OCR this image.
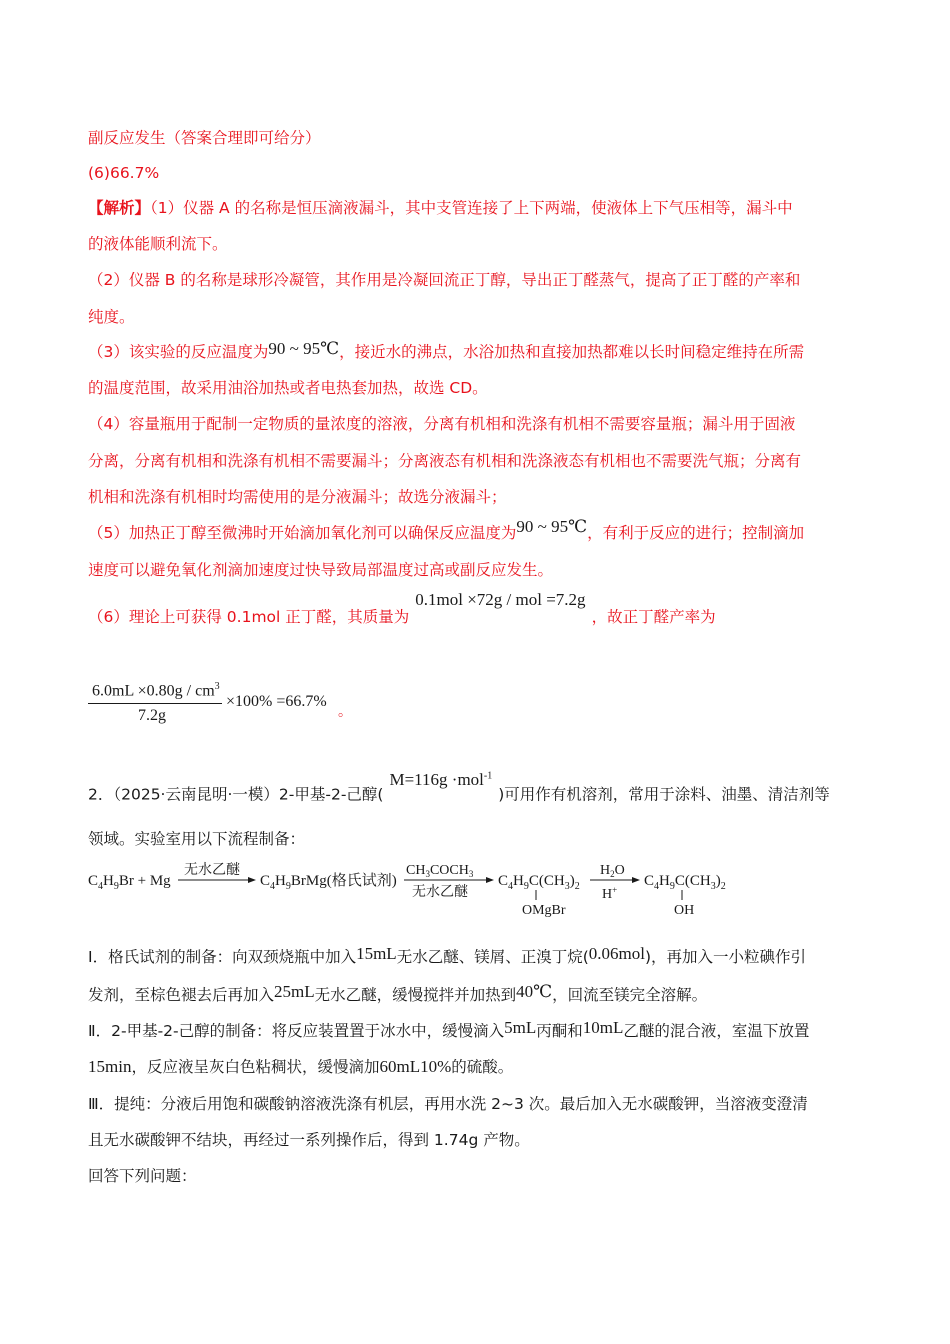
副反应发生（答案合理即可给分）
(6)66.7%
【解析】（1）仪器 A 的名称是恒压滴液漏斗，其中支管连接了上下两端，使液体上下气压相等，漏斗中
的液体能顺利流下。
（2）仪器 B 的名称是球形冷凝管，其作用是冷凝回流正丁醇，导出正丁醛蒸气，提高了正丁醛的产率和
纯度。
（3）该实验的反应温度为90 ~ 95℃，接近水的沸点，水浴加热和直接加热都难以长时间稳定维持在所需
的温度范围，故采用油浴加热或者电热套加热，故选 CD。
（4）容量瓶用于配制一定物质的量浓度的溶液，分离有机相和洗涤有机相不需要容量瓶；漏斗用于固液
分离，分离有机相和洗涤有机相不需要漏斗；分离液态有机相和洗涤液态有机相也不需要洗气瓶；分离有
机相和洗涤有机相时均需使用的是分液漏斗；故选分液漏斗；
（5）加热正丁醇至微沸时开始滴加氧化剂可以确保反应温度为90 ~ 95℃，有利于反应的进行；控制滴加
速度可以避免氧化剂滴加速度过快导致局部温度过高或副反应发生。
（6）理论上可获得 0.1mol 正丁醛，其质量为0.1mol ×72g / mol =7.2g，故正丁醛产率为
$6.0mL \times 0.80g / cm^3$
7.2g
×100% =66.7%
。
2．（2025·云南昆明·一模）2-甲基-2-己醇(M=116g ·mol$^{-1}$)可用作有机溶剂，常用于涂料、油墨、清洁剂等
领域。实验室用以下流程制备：
$C_4H_9Br + Mg$
无水乙醚
$C_4H_9BrMg$(格氏试剂)
$CH_3COCH_3$
无水乙醚
$C_4H_9C(CH_3)_2$
OMgBr
$H_2O$
H+
$C_4H_9C(CH_3)_2$
OH
Ⅰ．格氏试剂的制备：向双颈烧瓶中加入15mL无水乙醚、镁屑、正溴丁烷(0.06mol)，再加入一小粒碘作引
发剂，至棕色褪去后再加入25mL无水乙醚，缓慢搅拌并加热到40℃，回流至镁完全溶解。
Ⅱ．2-甲基-2-己醇的制备：将反应装置置于冰水中，缓慢滴入5mL丙酮和10mL乙醚的混合液，室温下放置
15min，反应液呈灰白色粘稠状，缓慢滴加60mL10%的硫酸。
Ⅲ．提纯：分液后用饱和碳酸钠溶液洗涤有机层，再用水洗 2~3 次。最后加入无水碳酸钾，当溶液变澄清
且无水碳酸钾不结块，再经过一系列操作后，得到 1.74g 产物。
回答下列问题：
